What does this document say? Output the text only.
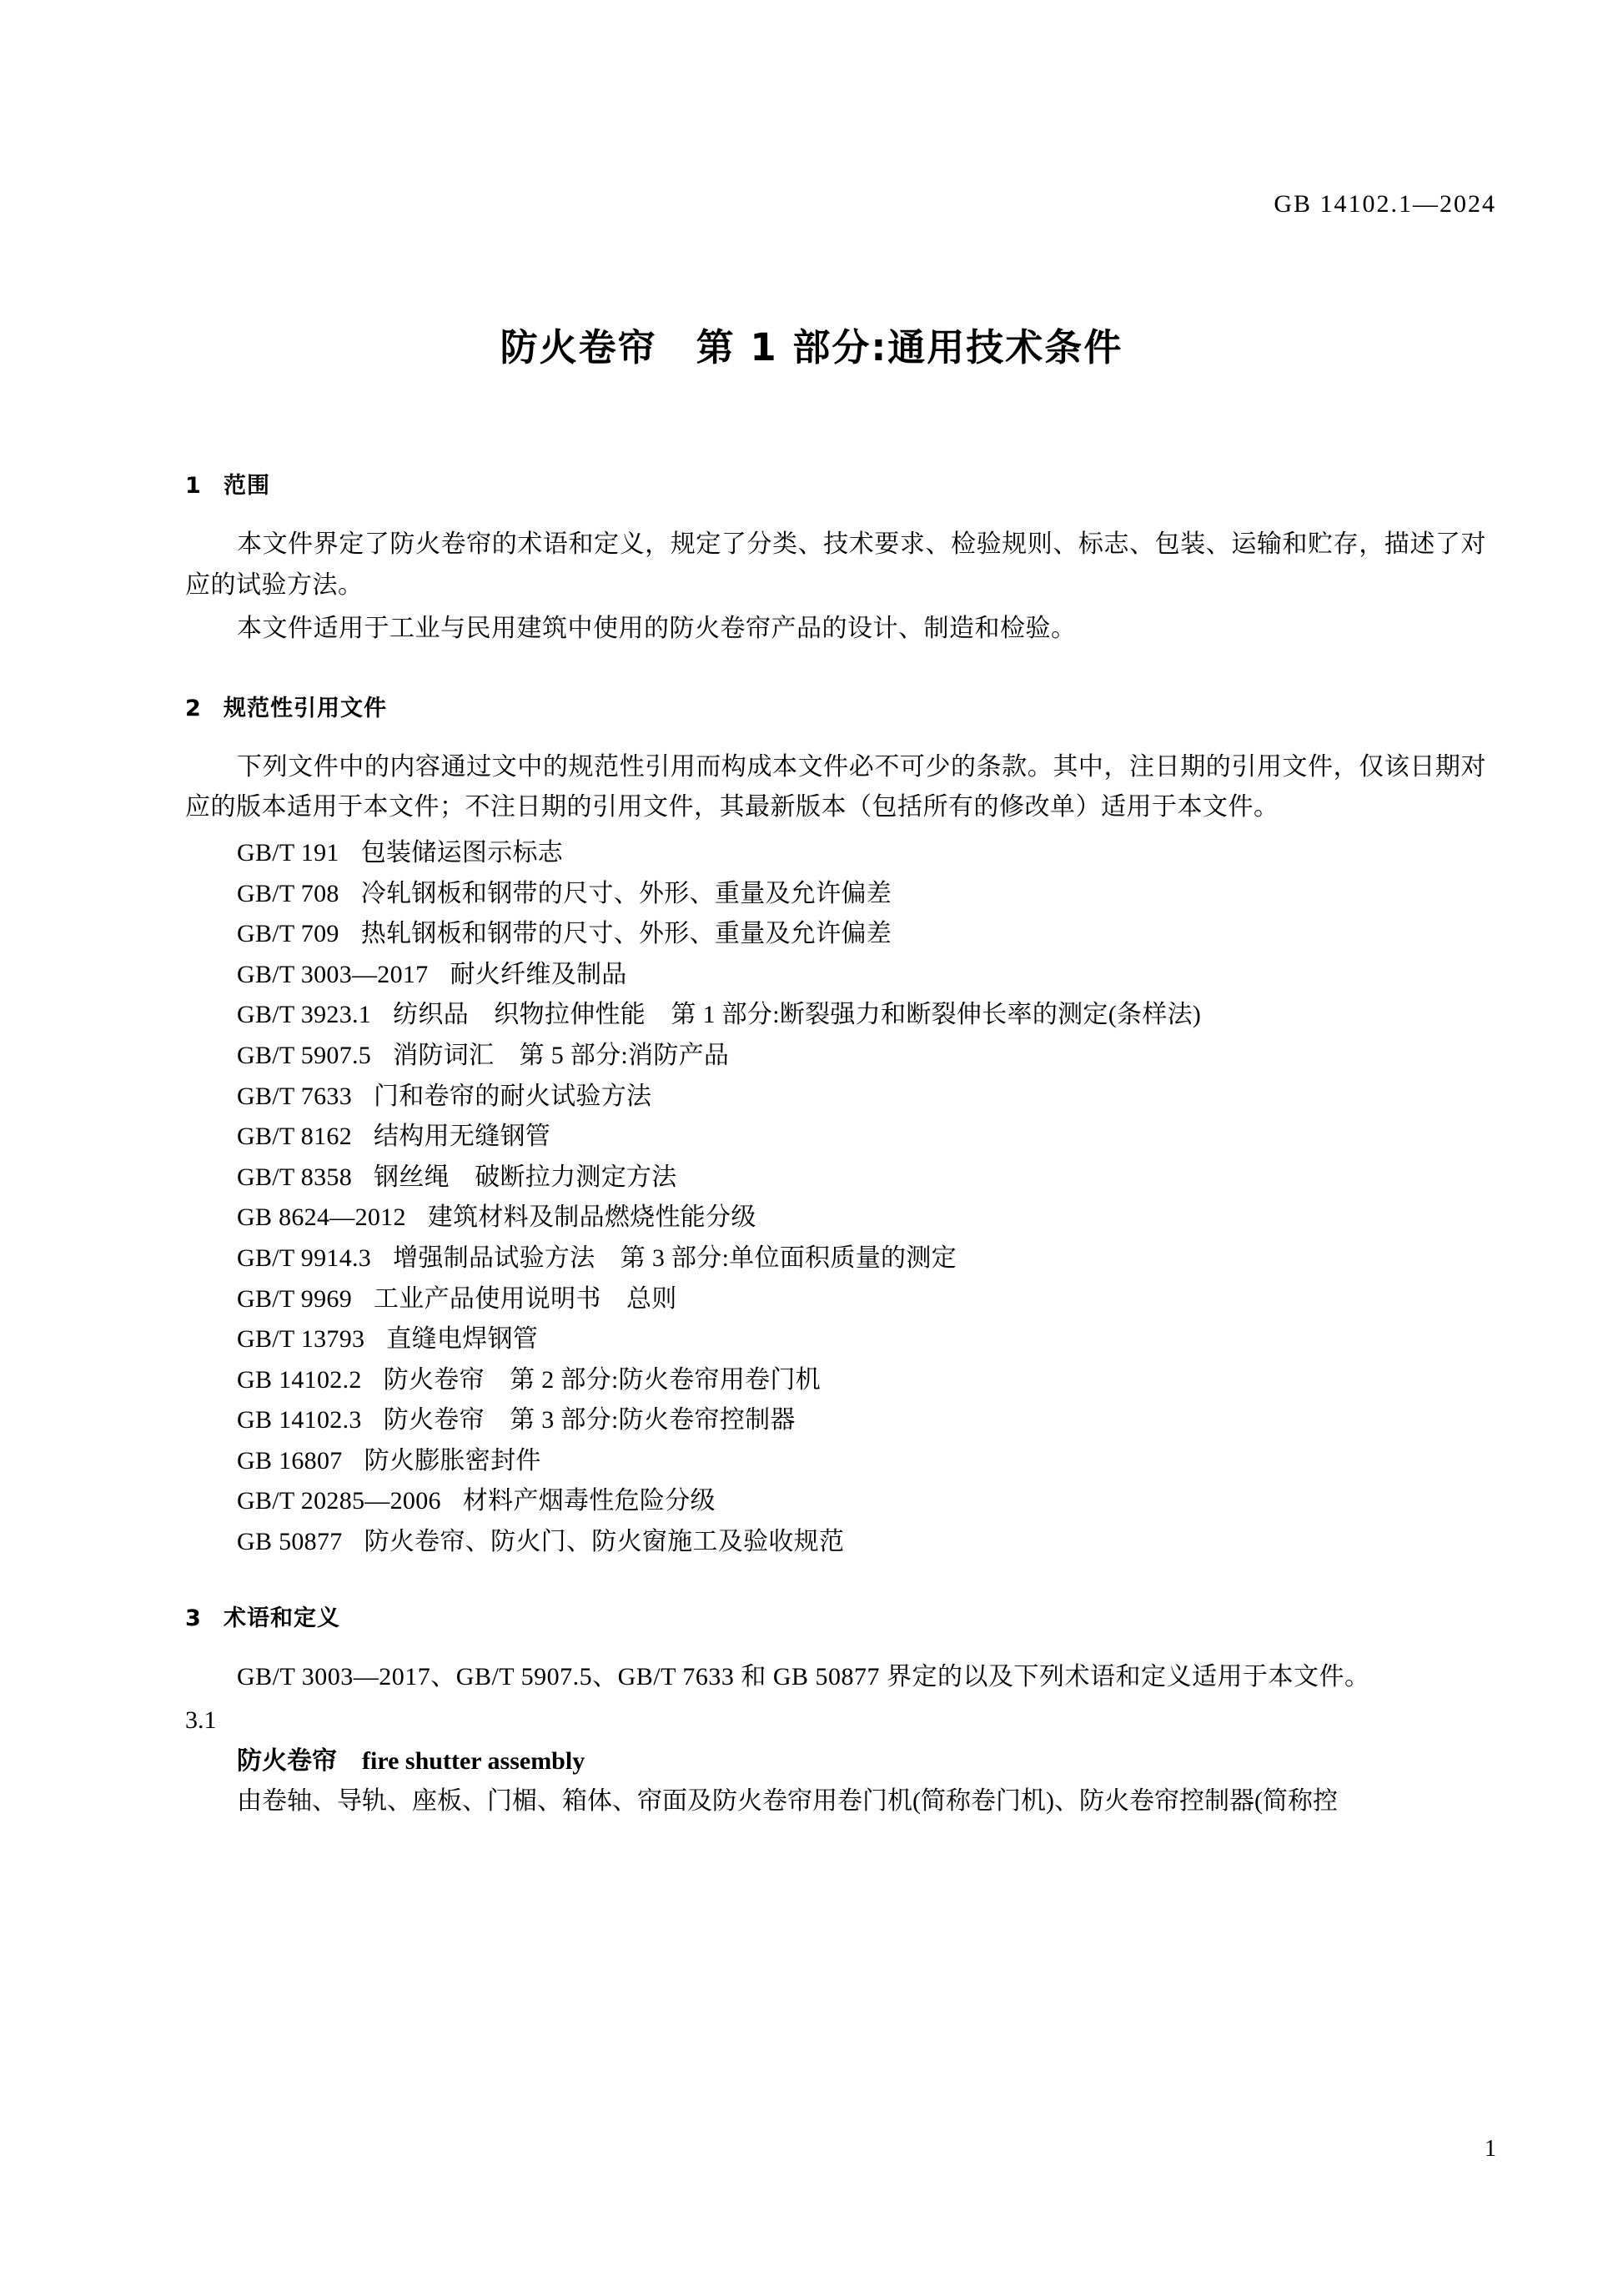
GB 14102.1—2024
防火卷帘　第 1 部分:通用技术条件
1 范围

本文件界定了防火卷帘的术语和定义，规定了分类、技术要求、检验规则、标志、包装、运输和贮存，描述了对应的试验方法。

本文件适用于工业与民用建筑中使用的防火卷帘产品的设计、制造和检验。

2 规范性引用文件

下列文件中的内容通过文中的规范性引用而构成本文件必不可少的条款。其中，注日期的引用文件，仅该日期对应的版本适用于本文件；不注日期的引用文件，其最新版本（包括所有的修改单）适用于本文件。

GB/T 191 包装储运图示标志
GB/T 708 冷轧钢板和钢带的尺寸、外形、重量及允许偏差
GB/T 709 热轧钢板和钢带的尺寸、外形、重量及允许偏差
GB/T 3003—2017 耐火纤维及制品
GB/T 3923.1 纺织品　织物拉伸性能　第 1 部分:断裂强力和断裂伸长率的测定(条样法)
GB/T 5907.5 消防词汇　第 5 部分:消防产品
GB/T 7633 门和卷帘的耐火试验方法
GB/T 8162 结构用无缝钢管
GB/T 8358 钢丝绳　破断拉力测定方法
GB 8624—2012 建筑材料及制品燃烧性能分级
GB/T 9914.3 增强制品试验方法　第 3 部分:单位面积质量的测定
GB/T 9969 工业产品使用说明书　总则
GB/T 13793 直缝电焊钢管
GB 14102.2 防火卷帘　第 2 部分:防火卷帘用卷门机
GB 14102.3 防火卷帘　第 3 部分:防火卷帘控制器
GB 16807 防火膨胀密封件
GB/T 20285—2006 材料产烟毒性危险分级
GB 50877 防火卷帘、防火门、防火窗施工及验收规范
3 术语和定义

GB/T 3003—2017、GB/T 5907.5、GB/T 7633 和 GB 50877 界定的以及下列术语和定义适用于本文件。

3.1

防火卷帘 fire shutter assembly

由卷轴、导轨、座板、门楣、箱体、帘面及防火卷帘用卷门机(简称卷门机)、防火卷帘控制器(简称控

1
